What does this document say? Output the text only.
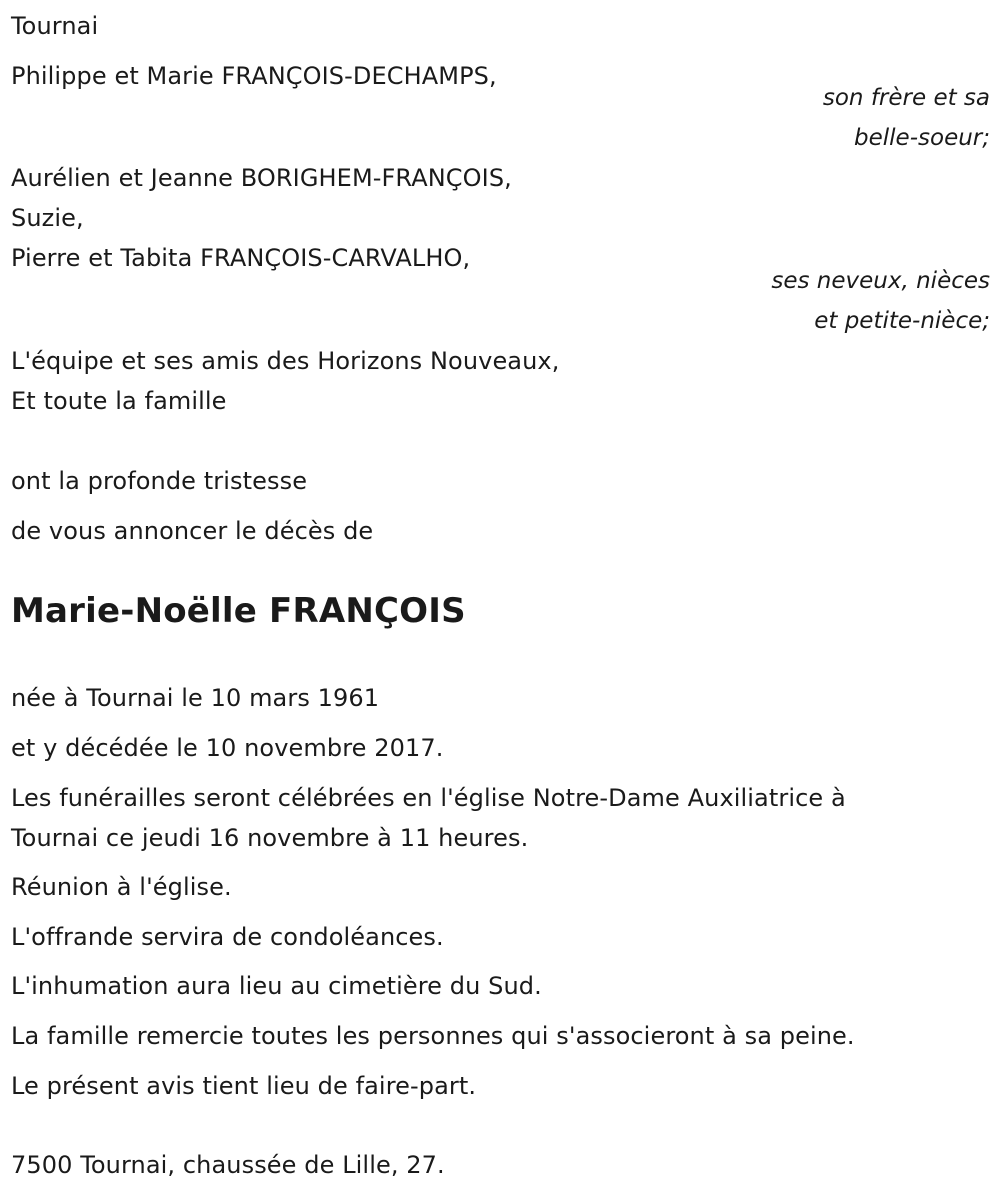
Tournai
Philippe et Marie FRANÇOIS-DECHAMPS,
son frère et sa
belle-soeur;
Aurélien et Jeanne BORIGHEM-FRANÇOIS,
Suzie,
Pierre et Tabita FRANÇOIS-CARVALHO,
ses neveux, nièces
et petite-nièce;
L'équipe et ses amis des Horizons Nouveaux,
Et toute la famille
ont la profonde tristesse
de vous annoncer le décès de
Marie-Noëlle FRANÇOIS
née à Tournai le 10 mars 1961
et y décédée le 10 novembre 2017.
Les funérailles seront célébrées en l'église Notre-Dame Auxiliatrice à
Tournai ce jeudi 16 novembre à 11 heures.
Réunion à l'église.
L'offrande servira de condoléances.
L'inhumation aura lieu au cimetière du Sud.
La famille remercie toutes les personnes qui s'associeront à sa peine.
Le présent avis tient lieu de faire-part.
7500 Tournai, chaussée de Lille, 27.
